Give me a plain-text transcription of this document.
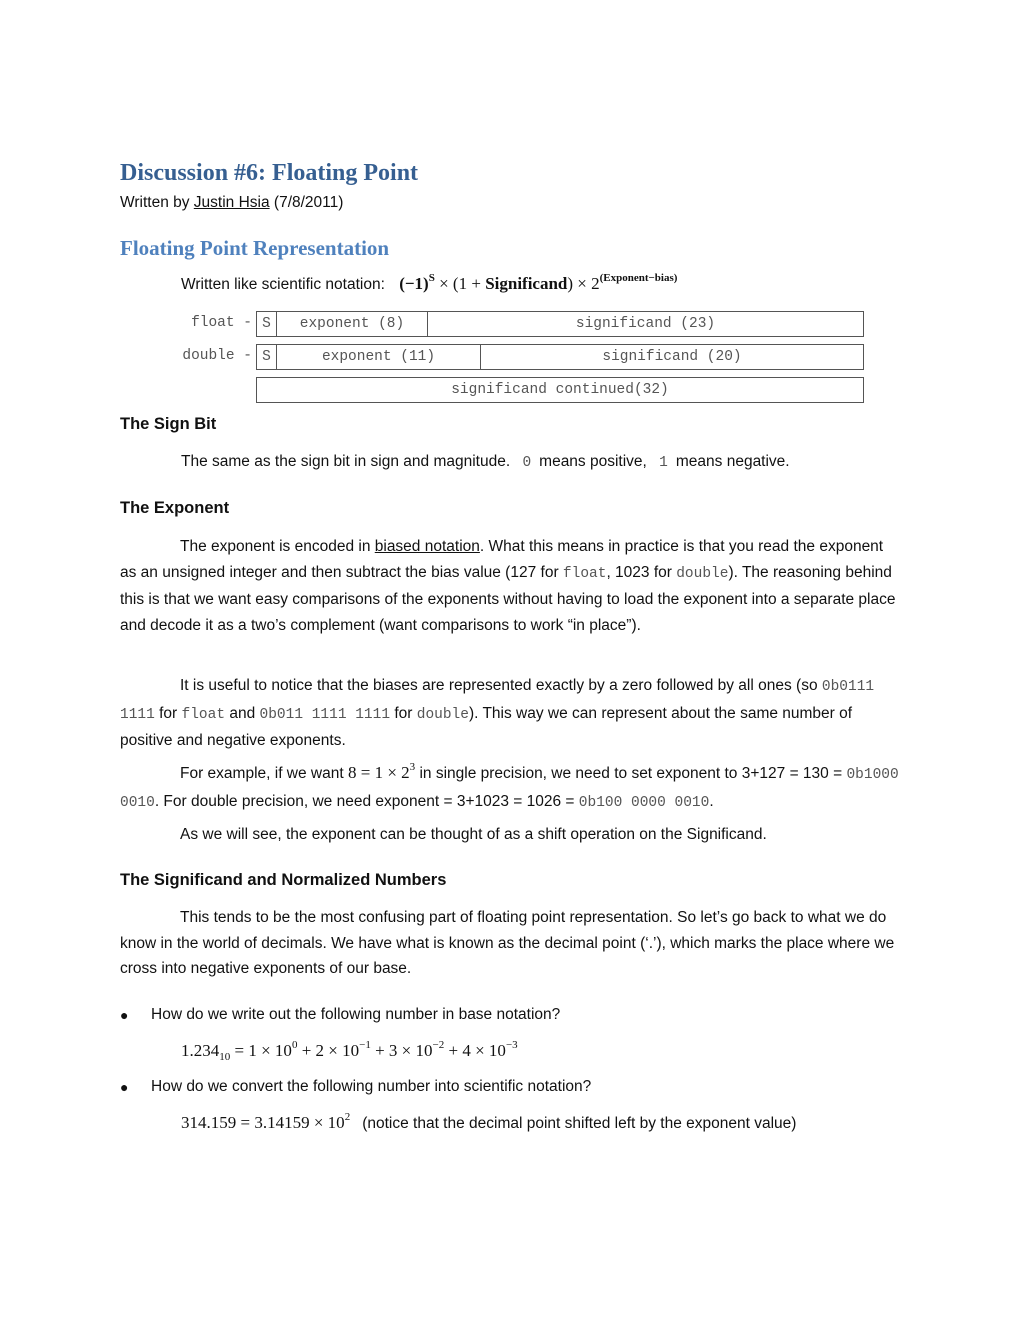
Discussion #6: Floating Point
Written by Justin Hsia (7/8/2011)
Floating Point Representation
Written like scientific notation: $(-1)^S \times (1$ + Significand) × $2^{(Exponent-bias)}$
float - S	exponent (8)	significand (23)
double - S	exponent (11)	significand (20)
significand continued(32)
The Sign Bit
The same as the sign bit in sign and magnitude. 0 means positive, 1 means negative.
The Exponent

The exponent is encoded in biased notation. What this means in practice is that you read the exponent as an unsigned integer and then subtract the bias value (127 for float, 1023 for double). The reasoning behind this is that we want easy comparisons of the exponents without having to load the exponent into a separate place and decode it as a two’s complement (want comparisons to work “in place”).

It is useful to notice that the biases are represented exactly by a zero followed by all ones (so 0b0111 1111 for float and 0b011 1111 1111 for double). This way we can represent about the same number of positive and negative exponents.

For example, if we want $8 = 1 \times 2^3$ in single precision, we need to set exponent to 3+127 = 130 = 0b1000 0010. For double precision, we need exponent = 3+1023 = 1026 = 0b100 0000 0010.

As we will see, the exponent can be thought of as a shift operation on the Significand.

The Significand and Normalized Numbers

This tends to be the most confusing part of floating point representation. So let’s go back to what we do know in the world of decimals. We have what is known as the decimal point (‘.’), which marks the place where we cross into negative exponents of our base.

● How do we write out the following number in base notation?
$1.234_{10} = 1 \times 10^0 + 2 \times 10^{-1} + 3 \times 10^{-2} + 4 \times 10^{-3}$
● How do we convert the following number into scientific notation?
$314.159 = 3.14159 \times 10^2$ (notice that the decimal point shifted left by the exponent value)
